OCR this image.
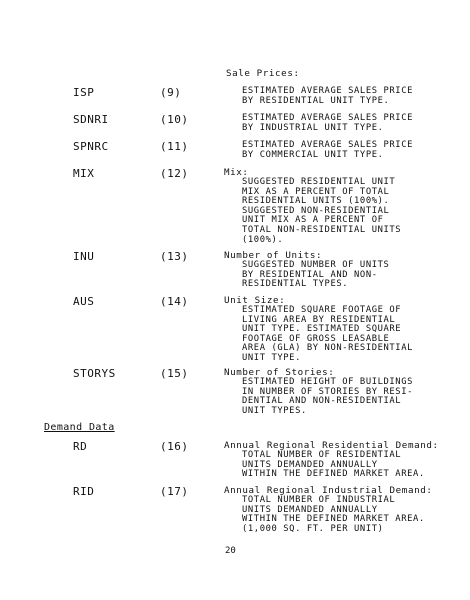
Sale Prices:
ISP	(9)	ESTIMATED AVERAGE SALES PRICE
BY RESIDENTIAL UNIT TYPE.
SDNRI	(10)	ESTIMATED AVERAGE SALES PRICE
BY INDUSTRIAL UNIT TYPE.
SPNRC	(11)	ESTIMATED AVERAGE SALES PRICE
BY COMMERCIAL UNIT TYPE.
MIX	(12)	Mix:
SUGGESTED RESIDENTIAL UNIT
MIX AS A PERCENT OF TOTAL
RESIDENTIAL UNITS (100%).
SUGGESTED NON-RESIDENTIAL
UNIT MIX AS A PERCENT OF
TOTAL NON-RESIDENTIAL UNITS
(100%).
INU	(13)	Number of Units:
SUGGESTED NUMBER OF UNITS
BY RESIDENTIAL AND NON-
RESIDENTIAL TYPES.
AUS	(14)	Unit Size:
ESTIMATED SQUARE FOOTAGE OF
LIVING AREA BY RESIDENTIAL
UNIT TYPE. ESTIMATED SQUARE
FOOTAGE OF GROSS LEASABLE
AREA (GLA) BY NON-RESIDENTIAL
UNIT TYPE.
STORYS	(15)	Number of Stories:
ESTIMATED HEIGHT OF BUILDINGS
IN NUMBER OF STORIES BY RESI-
DENTIAL AND NON-RESIDENTIAL
UNIT TYPES.
Demand Data
RD	(16)	Annual Regional Residential Demand:
TOTAL NUMBER OF RESIDENTIAL
UNITS DEMANDED ANNUALLY
WITHIN THE DEFINED MARKET AREA.
RID	(17)	Annual Regional Industrial Demand:
TOTAL NUMBER OF INDUSTRIAL
UNITS DEMANDED ANNUALLY
WITHIN THE DEFINED MARKET AREA.
(1,000 SQ. FT. PER UNIT)
20
